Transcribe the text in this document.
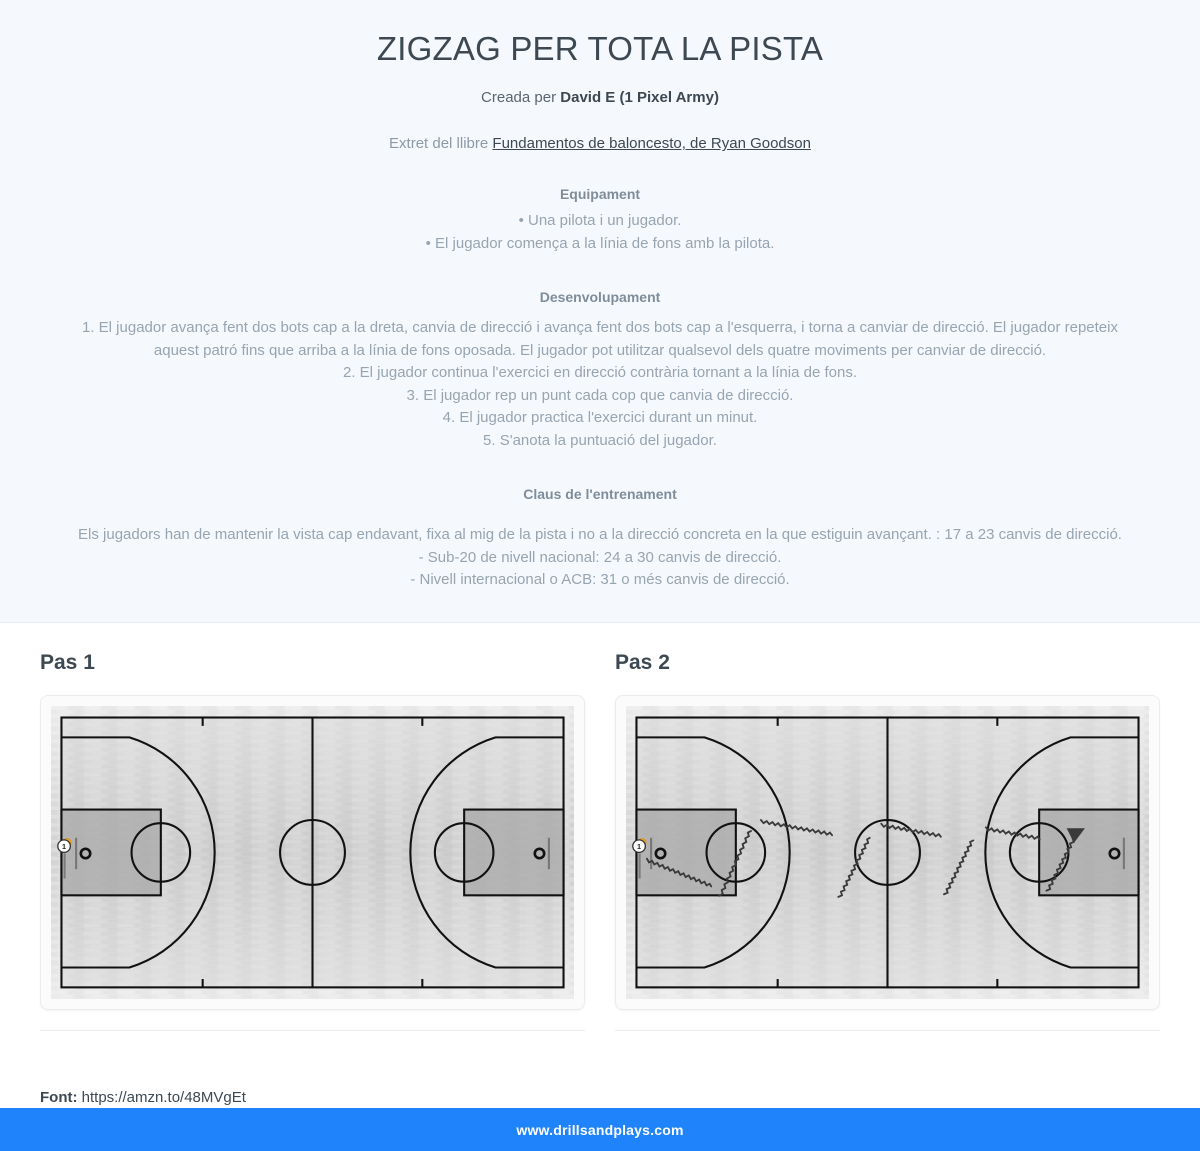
ZIGZAG PER TOTA LA PISTA
Creada per David E (1 Pixel Army)
Extret del llibre Fundamentos de baloncesto, de Ryan Goodson
Equipament
• Una pilota i un jugador.
• El jugador comença a la línia de fons amb la pilota.
Desenvolupament
1. El jugador avança fent dos bots cap a la dreta, canvia de direcció i avança fent dos bots cap a l'esquerra, i torna a canviar de direcció. El jugador repeteix aquest patró fins que arriba a la línia de fons oposada. El jugador pot utilitzar qualsevol dels quatre moviments per canviar de direcció.
2. El jugador continua l'exercici en direcció contrària tornant a la línia de fons.
3. El jugador rep un punt cada cop que canvia de direcció.
4. El jugador practica l'exercici durant un minut.
5. S'anota la puntuació del jugador.
Claus de l'entrenament
Els jugadors han de mantenir la vista cap endavant, fixa al mig de la pista i no a la direcció concreta en la que estiguin avançant. : 17 a 23 canvis de direcció.
- Sub-20 de nivell nacional: 24 a 30 canvis de direcció.
- Nivell internacional o ACB: 31 o més canvis de direcció.
Pas 1
1
Pas 2
1
Font: https://amzn.to/48MVgEt
www.drillsandplays.com
